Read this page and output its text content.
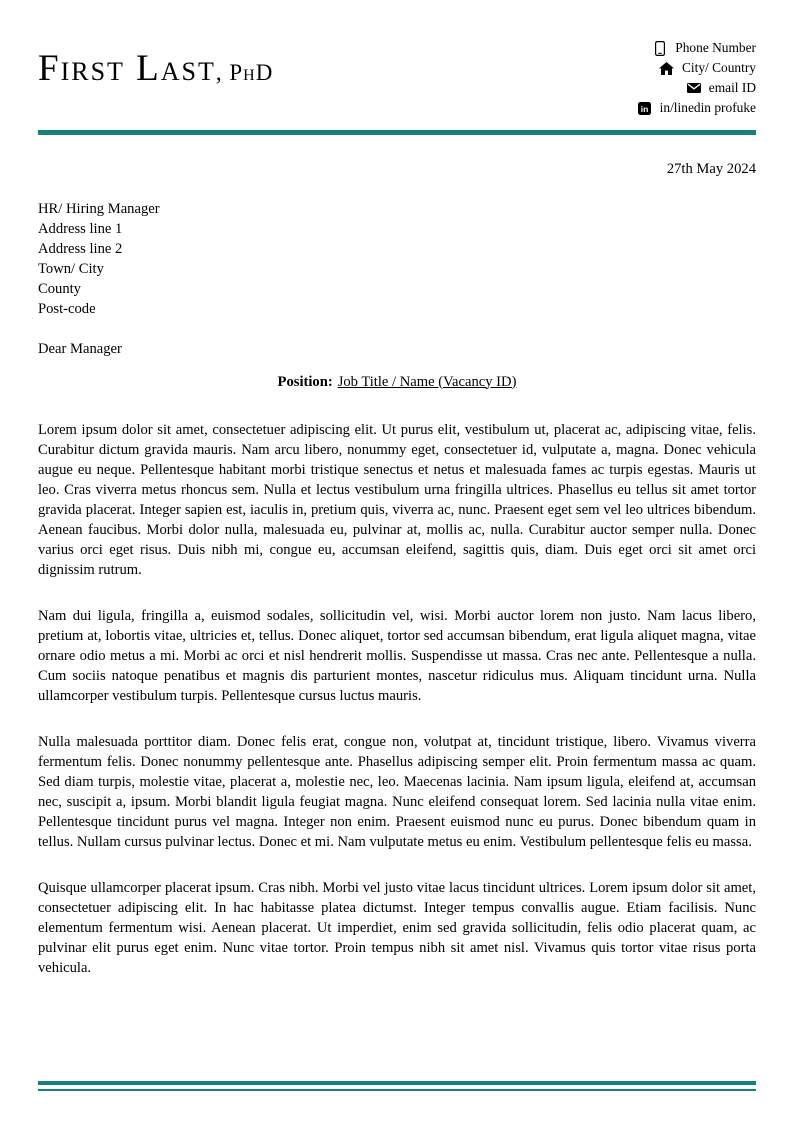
First Last, PhD
Phone Number
City/ Country
email ID
in/linedin profuke
in
27th May 2024
HR/ Hiring Manager
Address line 1
Address line 2
Town/ City
County
Post-code
Dear Manager
Position: Job Title / Name (Vacancy ID)

Lorem ipsum dolor sit amet, consectetuer adipiscing elit. Ut purus elit, vestibulum ut, placerat ac, adipiscing vitae, felis. Curabitur dictum gravida mauris. Nam arcu libero, nonummy eget, consectetuer id, vulputate a, magna. Donec vehicula augue eu neque. Pellentesque habitant morbi tristique senectus et netus et malesuada fames ac turpis egestas. Mauris ut leo. Cras viverra metus rhoncus sem. Nulla et lectus vestibulum urna fringilla ultrices. Phasellus eu tellus sit amet tortor gravida placerat. Integer sapien est, iaculis in, pretium quis, viverra ac, nunc. Praesent eget sem vel leo ultrices bibendum. Aenean faucibus. Morbi dolor nulla, malesuada eu, pulvinar at, mollis ac, nulla. Curabitur auctor semper nulla. Donec varius orci eget risus. Duis nibh mi, congue eu, accumsan eleifend, sagittis quis, diam. Duis eget orci sit amet orci dignissim rutrum.

Nam dui ligula, fringilla a, euismod sodales, sollicitudin vel, wisi. Morbi auctor lorem non justo. Nam lacus libero, pretium at, lobortis vitae, ultricies et, tellus. Donec aliquet, tortor sed accumsan bibendum, erat ligula aliquet magna, vitae ornare odio metus a mi. Morbi ac orci et nisl hendrerit mollis. Suspendisse ut massa. Cras nec ante. Pellentesque a nulla. Cum sociis natoque penatibus et magnis dis parturient montes, nascetur ridiculus mus. Aliquam tincidunt urna. Nulla ullamcorper vestibulum turpis. Pellentesque cursus luctus mauris.

Nulla malesuada porttitor diam. Donec felis erat, congue non, volutpat at, tincidunt tristique, libero. Vivamus viverra fermentum felis. Donec nonummy pellentesque ante. Phasellus adipiscing semper elit. Proin fermentum massa ac quam. Sed diam turpis, molestie vitae, placerat a, molestie nec, leo. Maecenas lacinia. Nam ipsum ligula, eleifend at, accumsan nec, suscipit a, ipsum. Morbi blandit ligula feugiat magna. Nunc eleifend consequat lorem. Sed lacinia nulla vitae enim. Pellentesque tincidunt purus vel magna. Integer non enim. Praesent euismod nunc eu purus. Donec bibendum quam in tellus. Nullam cursus pulvinar lectus. Donec et mi. Nam vulputate metus eu enim. Vestibulum pellentesque felis eu massa.

Quisque ullamcorper placerat ipsum. Cras nibh. Morbi vel justo vitae lacus tincidunt ultrices. Lorem ipsum dolor sit amet, consectetuer adipiscing elit. In hac habitasse platea dictumst. Integer tempus convallis augue. Etiam facilisis. Nunc elementum fermentum wisi. Aenean placerat. Ut imperdiet, enim sed gravida sollicitudin, felis odio placerat quam, ac pulvinar elit purus eget enim. Nunc vitae tortor. Proin tempus nibh sit amet nisl. Vivamus quis tortor vitae risus porta vehicula.
